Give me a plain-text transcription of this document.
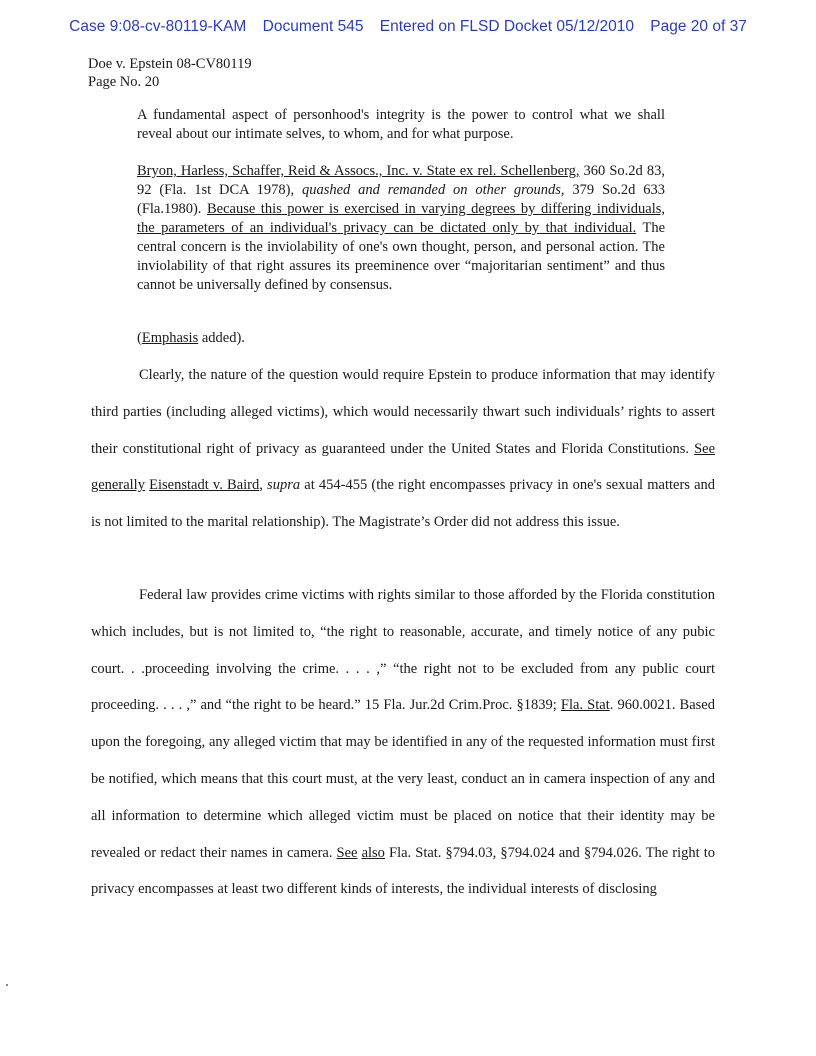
Case 9:08-cv-80119-KAM Document 545 Entered on FLSD Docket 05/12/2010 Page 20 of 37
Doe v. Epstein 08-CV80119
Page No. 20

A fundamental aspect of personhood's integrity is the power to control what we shall reveal about our intimate selves, to whom, and for what purpose.

Bryon, Harless, Schaffer, Reid & Assocs., Inc. v. State ex rel. Schellenberg, 360 So.2d 83, 92 (Fla. 1st DCA 1978), quashed and remanded on other grounds, 379 So.2d 633 (Fla.1980). Because this power is exercised in varying degrees by differing individuals, the parameters of an individual's privacy can be dictated only by that individual. The central concern is the inviolability of one's own thought, person, and personal action. The inviolability of that right assures its preeminence over “majoritarian sentiment” and thus cannot be universally defined by consensus.

(Emphasis added).

Clearly, the nature of the question would require Epstein to produce information that may identify third parties (including alleged victims), which would necessarily thwart such individuals’ rights to assert their constitutional right of privacy as guaranteed under the United States and Florida Constitutions. See generally Eisenstadt v. Baird, supra at 454-455 (the right encompasses privacy in one's sexual matters and is not limited to the marital relationship). The Magistrate’s Order did not address this issue.

Federal law provides crime victims with rights similar to those afforded by the Florida constitution which includes, but is not limited to, “the right to reasonable, accurate, and timely notice of any pubic court. . .proceeding involving the crime. . . . ,” “the right not to be excluded from any public court proceeding. . . . ,” and “the right to be heard.” 15 Fla. Jur.2d Crim.Proc. §1839; Fla. Stat. 960.0021. Based upon the foregoing, any alleged victim that may be identified in any of the requested information must first be notified, which means that this court must, at the very least, conduct an in camera inspection of any and all information to determine which alleged victim must be placed on notice that their identity may be revealed or redact their names in camera. See also Fla. Stat. §794.03, §794.024 and §794.026. The right to privacy encompasses at least two different kinds of interests, the individual interests of disclosing
